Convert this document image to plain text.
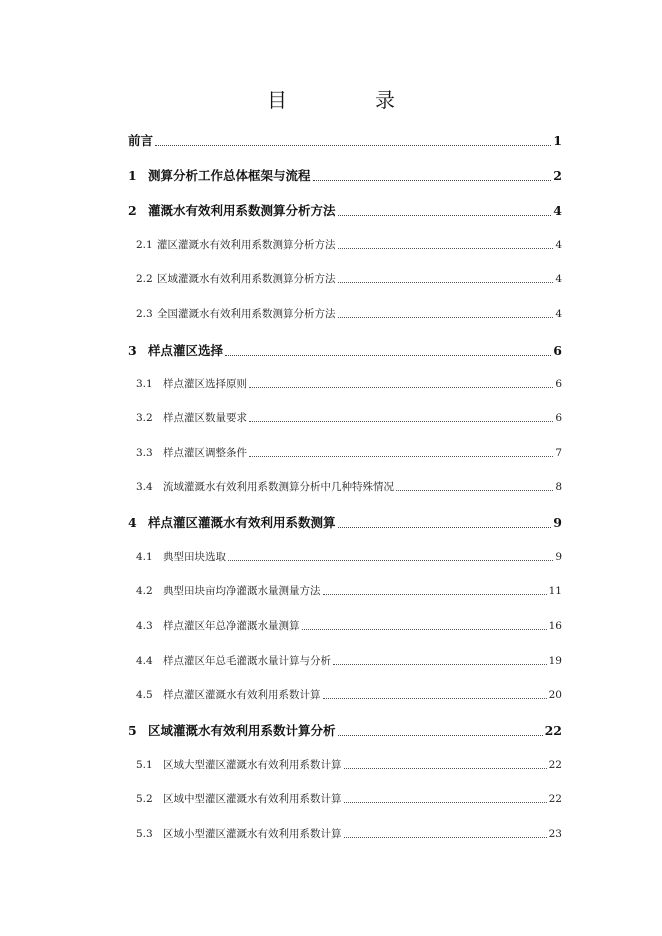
目　录
前言	1
1 测算分析工作总体框架与流程	2
2 灌溉水有效利用系数测算分析方法	4
2.1 灌区灌溉水有效利用系数测算分析方法	4
2.2 区域灌溉水有效利用系数测算分析方法	4
2.3 全国灌溉水有效利用系数测算分析方法	4
3 样点灌区选择	6
3.1 样点灌区选择原则	6
3.2 样点灌区数量要求	6
3.3 样点灌区调整条件	7
3.4 流域灌溉水有效利用系数测算分析中几种特殊情况	8
4 样点灌区灌溉水有效利用系数测算	9
4.1 典型田块选取	9
4.2 典型田块亩均净灌溉水量测量方法	11
4.3 样点灌区年总净灌溉水量测算	16
4.4 样点灌区年总毛灌溉水量计算与分析	19
4.5 样点灌区灌溉水有效利用系数计算	20
5 区域灌溉水有效利用系数计算分析	22
5.1 区域大型灌区灌溉水有效利用系数计算	22
5.2 区域中型灌区灌溉水有效利用系数计算	22
5.3 区域小型灌区灌溉水有效利用系数计算	23
